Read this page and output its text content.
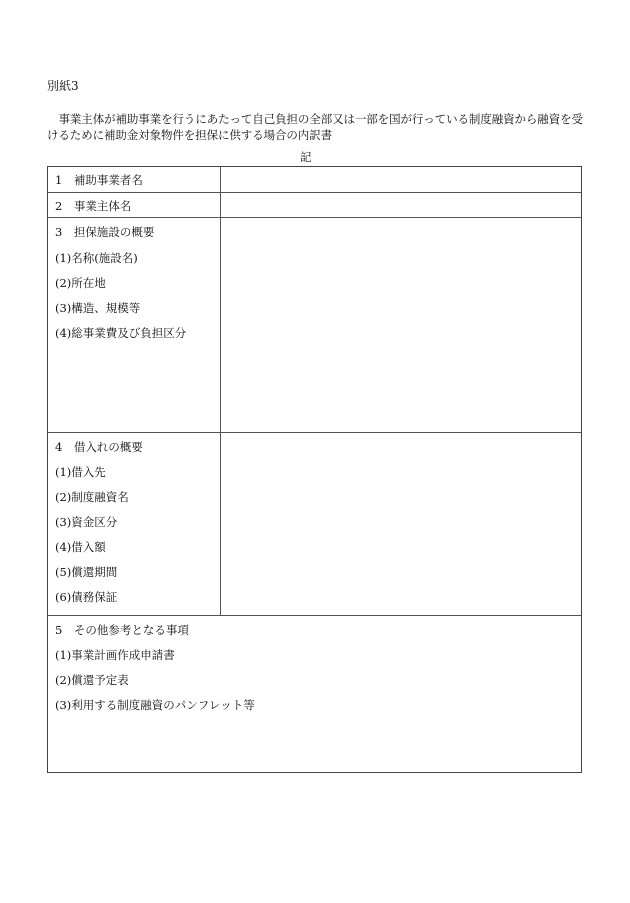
別紙3
事業主体が補助事業を行うにあたって自己負担の全部又は一部を国が行っている制度融資から融資を受けるために補助金対象物件を担保に供する場合の内訳書
記
1　補助事業者名
2　事業主体名
3　担保施設の概要
(1)名称(施設名)
(2)所在地
(3)構造、規模等
(4)総事業費及び負担区分
4　借入れの概要
(1)借入先
(2)制度融資名
(3)資金区分
(4)借入額
(5)償還期間
(6)債務保証
5　その他参考となる事項
(1)事業計画作成申請書
(2)償還予定表
(3)利用する制度融資のパンフレット等
